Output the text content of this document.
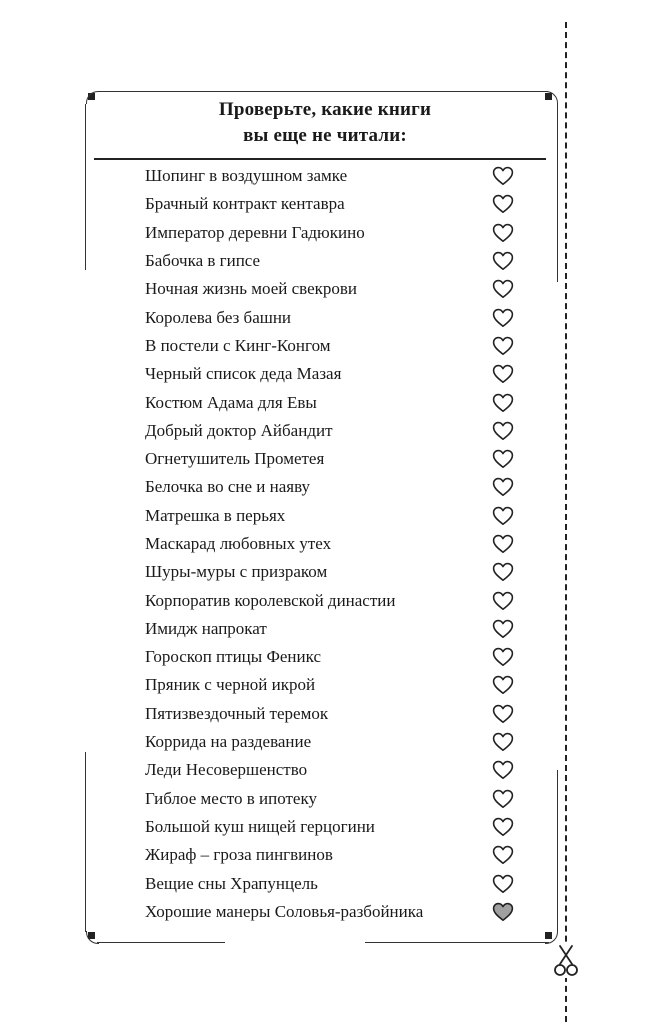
Проверьте, какие книги
вы еще не читали:
Шопинг в воздушном замке
Брачный контракт кентавра
Император деревни Гадюкино
Бабочка в гипсе
Ночная жизнь моей свекрови
Королева без башни
В постели с Кинг-Конгом
Черный список деда Мазая
Костюм Адама для Евы
Добрый доктор Айбандит
Огнетушитель Прометея
Белочка во сне и наяву
Матрешка в перьях
Маскарад любовных утех
Шуры-муры с призраком
Корпоратив королевской династии
Имидж напрокат
Гороскоп птицы Феникс
Пряник с черной икрой
Пятизвездочный теремок
Коррида на раздевание
Леди Несовершенство
Гиблое место в ипотеку
Большой куш нищей герцогини
Жираф – гроза пингвинов
Вещие сны Храпунцель
Хорошие манеры Соловья-разбойника
